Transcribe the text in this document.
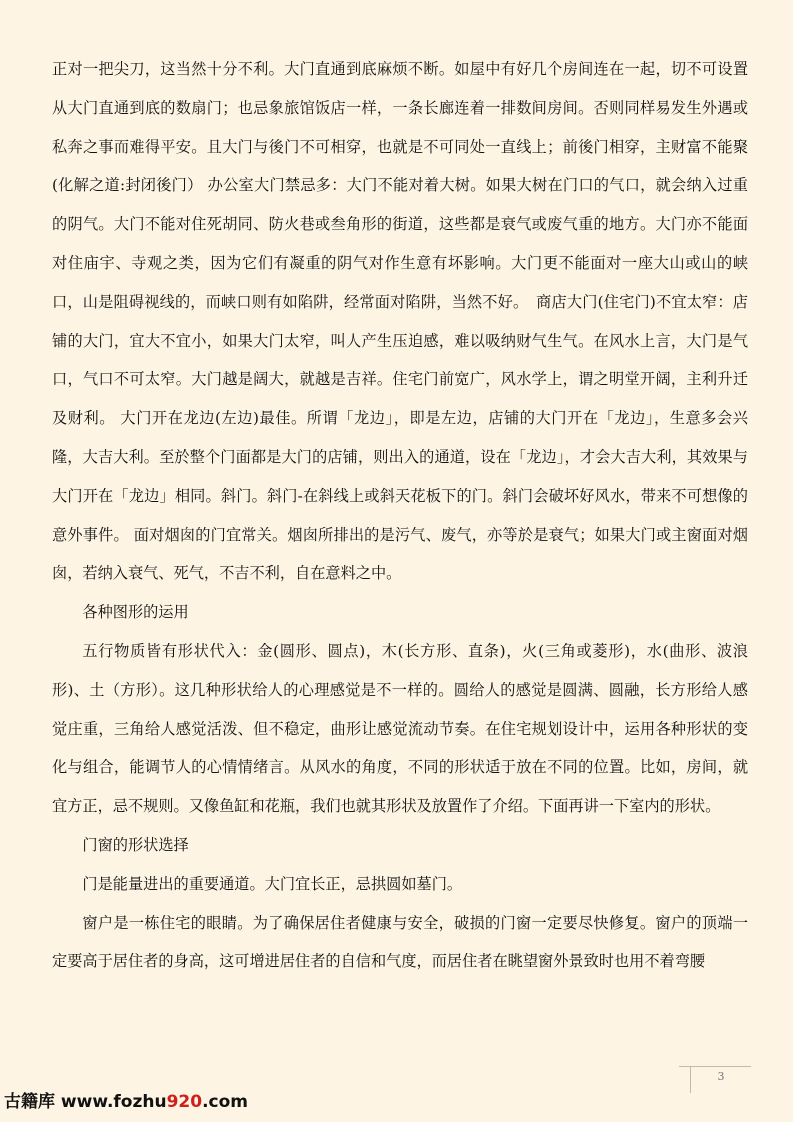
正对一把尖刀，这当然十分不利。大门直通到底麻烦不断。如屋中有好几个房间连在一起，切不可设置从大门直通到底的数扇门；也忌象旅馆饭店一样，一条长廊连着一排数间房间。否则同样易发生外遇或私奔之事而难得平安。且大门与後门不可相穿，也就是不可同处一直线上；前後门相穿，主财富不能聚(化解之道:封闭後门） 办公室大门禁忌多：大门不能对着大树。如果大树在门口的气口，就会纳入过重的阴气。大门不能对住死胡同、防火巷或叁角形的街道，这些都是衰气或废气重的地方。大门亦不能面对住庙宇、寺观之类，因为它们有凝重的阴气对作生意有坏影响。大门更不能面对一座大山或山的峡口，山是阻碍视线的，而峡口则有如陷阱，经常面对陷阱，当然不好。　商店大门(住宅门)不宜太窄：店铺的大门，宜大不宜小，如果大门太窄，叫人产生压迫感，难以吸纳财气生气。在风水上言，大门是气口，气口不可太窄。大门越是阔大，就越是吉祥。住宅门前宽广，风水学上，谓之明堂开阔，主利升迁及财利。 大门开在龙边(左边)最佳。所谓「龙边」，即是左边，店铺的大门开在「龙边」，生意多会兴隆，大吉大利。至於整个门面都是大门的店铺，则出入的通道，设在「龙边」，才会大吉大利，其效果与大门开在「龙边」相同。斜门。斜门-在斜线上或斜天花板下的门。斜门会破坏好风水，带来不可想像的意外事件。 面对烟囱的门宜常关。烟囱所排出的是污气、废气，亦等於是衰气；如果大门或主窗面对烟囱，若纳入衰气、死气，不吉不利，自在意料之中。

各种图形的运用

五行物质皆有形状代入：金(圆形、圆点)，木(长方形、直条)，火(三角或菱形)，水(曲形、波浪形)、土（方形）。这几种形状给人的心理感觉是不一样的。圆给人的感觉是圆满、圆融，长方形给人感觉庄重，三角给人感觉活泼、但不稳定，曲形让感觉流动节奏。在住宅规划设计中，运用各种形状的变化与组合，能调节人的心情情绪言。从风水的角度，不同的形状适于放在不同的位置。比如，房间，就宜方正，忌不规则。又像鱼缸和花瓶，我们也就其形状及放置作了介绍。下面再讲一下室内的形状。

门窗的形状选择

门是能量进出的重要通道。大门宜长正，忌拱圆如墓门。

窗户是一栋住宅的眼睛。为了确保居住者健康与安全，破损的门窗一定要尽快修复。窗户的顶端一定要高于居住者的身高，这可增进居住者的自信和气度，而居住者在眺望窗外景致时也用不着弯腰

3
古籍库 www.fozhu920.com
